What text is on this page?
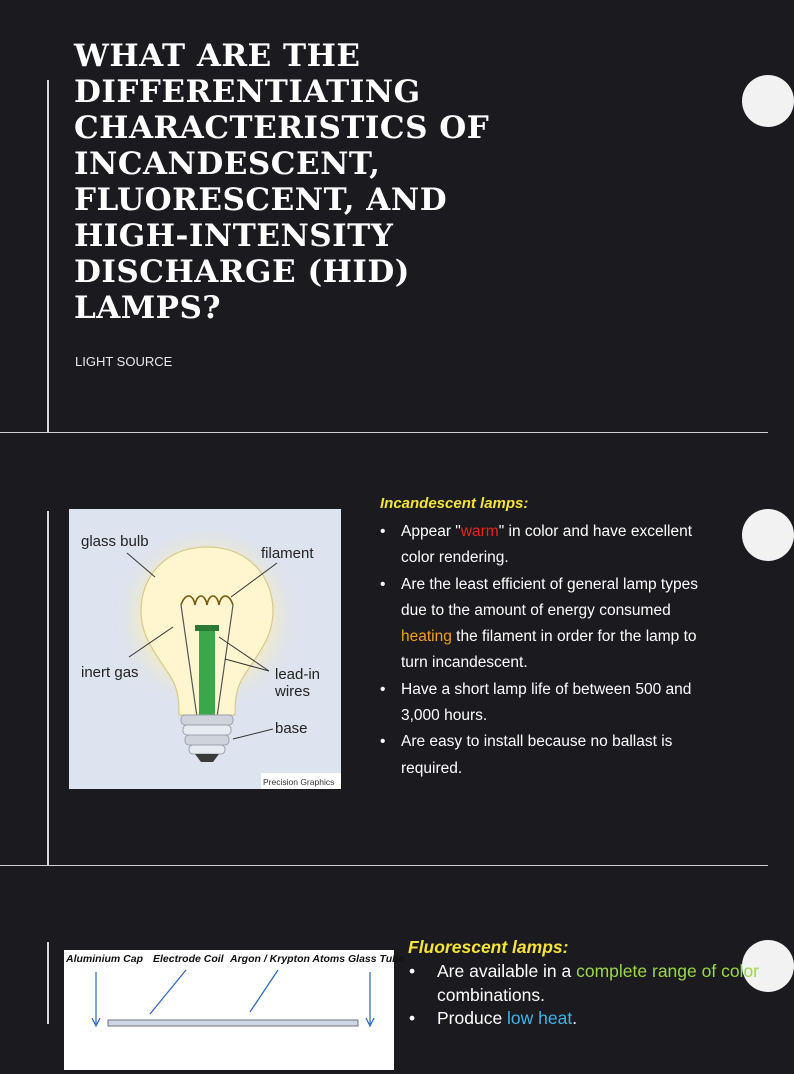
WHAT ARE THE
DIFFERENTIATING
CHARACTERISTICS OF
INCANDESCENT,
FLUORESCENT, AND
HIGH-INTENSITY
DISCHARGE (HID)
LAMPS?
LIGHT SOURCE
glass bulb
filament
inert gas	lead-in
wires
base
Precision Graphics
Incandescent lamps:
• Appear "warm" in color and have excellent color rendering.
• Are the least efficient of general lamp types due to the amount of energy consumed heating the filament in order for the lamp to turn incandescent.
• Have a short lamp life of between 500 and 3,000 hours.
• Are easy to install because no ballast is required.
Aluminium Cap Electrode Coil Argon / Krypton Atoms Glass Tube
Fluorescent lamps:
• Are available in a complete range of color combinations.
• Produce low heat.
